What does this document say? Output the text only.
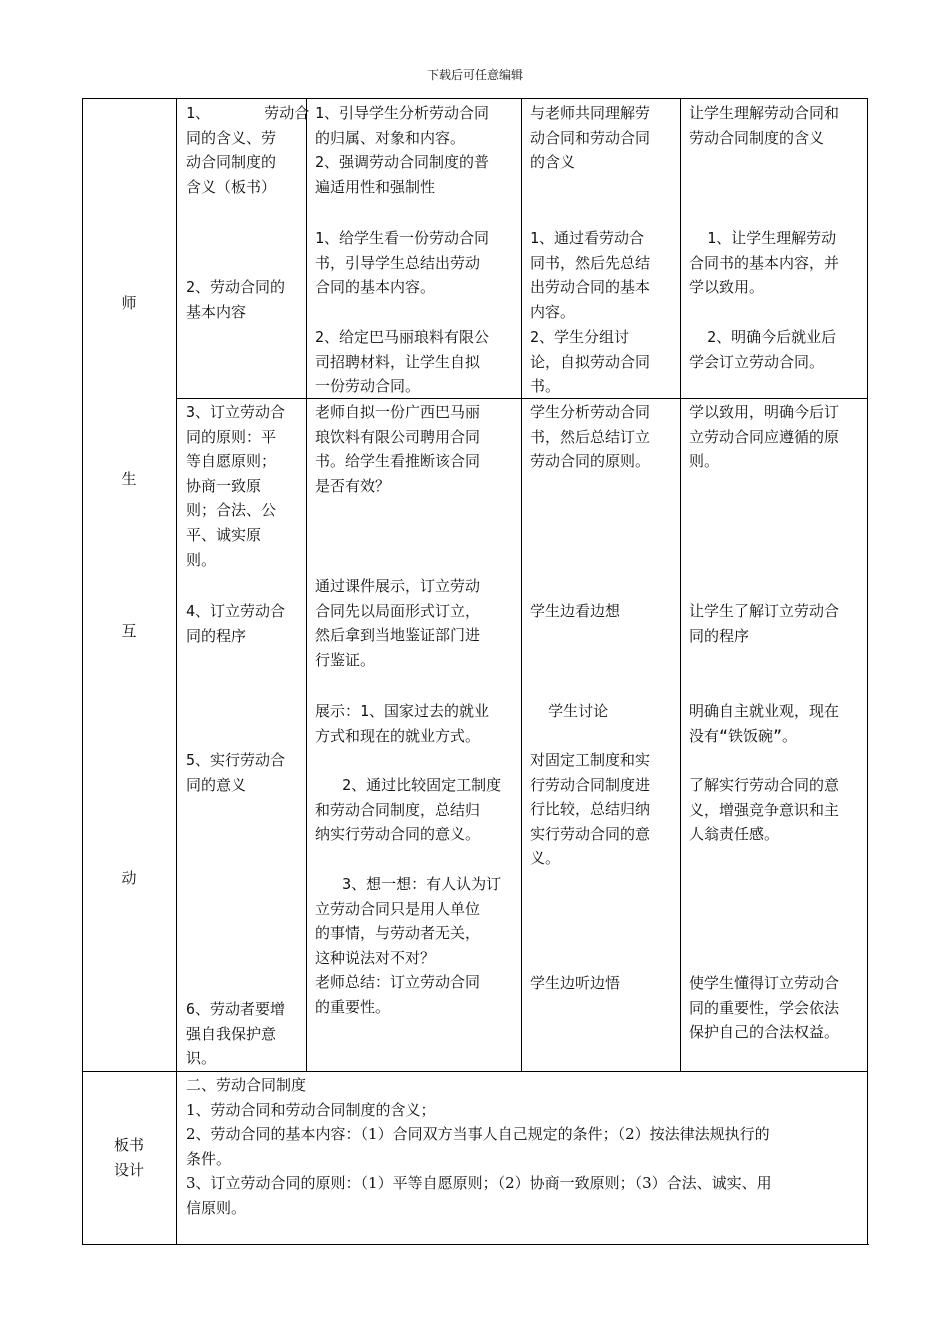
下载后可任意编辑
师
生
互
动
1、      劳动合
同的含义、劳
动合同制度的
含义（板书）
1、引导学生分析劳动合同
的归属、对象和内容。
2、强调劳动合同制度的普
遍适用性和强制性
与老师共同理解劳
动合同和劳动合同
的含义
让学生理解劳动合同和
劳动合同制度的含义
2、劳动合同的
基本内容
1、给学生看一份劳动合同
书，引导学生总结出劳动
合同的基本内容。
2、给定巴马丽琅料有限公
司招聘材料，让学生自拟
一份劳动合同。
1、通过看劳动合
同书，然后先总结
出劳动合同的基本
内容。
2、学生分组讨
论，自拟劳动合同
书。
1、让学生理解劳动
合同书的基本内容，并
学以致用。
2、明确今后就业后
学会订立劳动合同。
3、订立劳动合
同的原则：平
等自愿原则；
协商一致原
则；合法、公
平、诚实原
则。
老师自拟一份广西巴马丽
琅饮料有限公司聘用合同
书。给学生看推断该合同
是否有效？
学生分析劳动合同
书，然后总结订立
劳动合同的原则。
学以致用，明确今后订
立劳动合同应遵循的原
则。
4、订立劳动合
同的程序
通过课件展示，订立劳动
合同先以局面形式订立，
然后拿到当地鉴证部门进
行鉴证。
学生边看边想	让学生了解订立劳动合
同的程序
5、实行劳动合
同的意义
展示：1、国家过去的就业
方式和现在的就业方式。
2、通过比较固定工制度
和劳动合同制度，总结归
纳实行劳动合同的意义。
3、想一想：有人认为订
立劳动合同只是用人单位
的事情，与劳动者无关，
这种说法对不对？
老师总结：订立劳动合同
的重要性。
学生讨论
对固定工制度和实
行劳动合同制度进
行比较，总结归纳
实行劳动合同的意
义。
学生边听边悟
明确自主就业观，现在
没有“铁饭碗”。
了解实行劳动合同的意
义，增强竞争意识和主
人翁责任感。
使学生懂得订立劳动合
同的重要性，学会依法
保护自己的合法权益。
6、劳动者要增
强自我保护意
识。
板书
设计
二、劳动合同制度
1、劳动合同和劳动合同制度的含义；
2、劳动合同的基本内容：（1）合同双方当事人自己规定的条件；（2）按法律法规执行的
条件。
3、订立劳动合同的原则：（1）平等自愿原则；（2）协商一致原则；（3）合法、诚实、用
信原则。
